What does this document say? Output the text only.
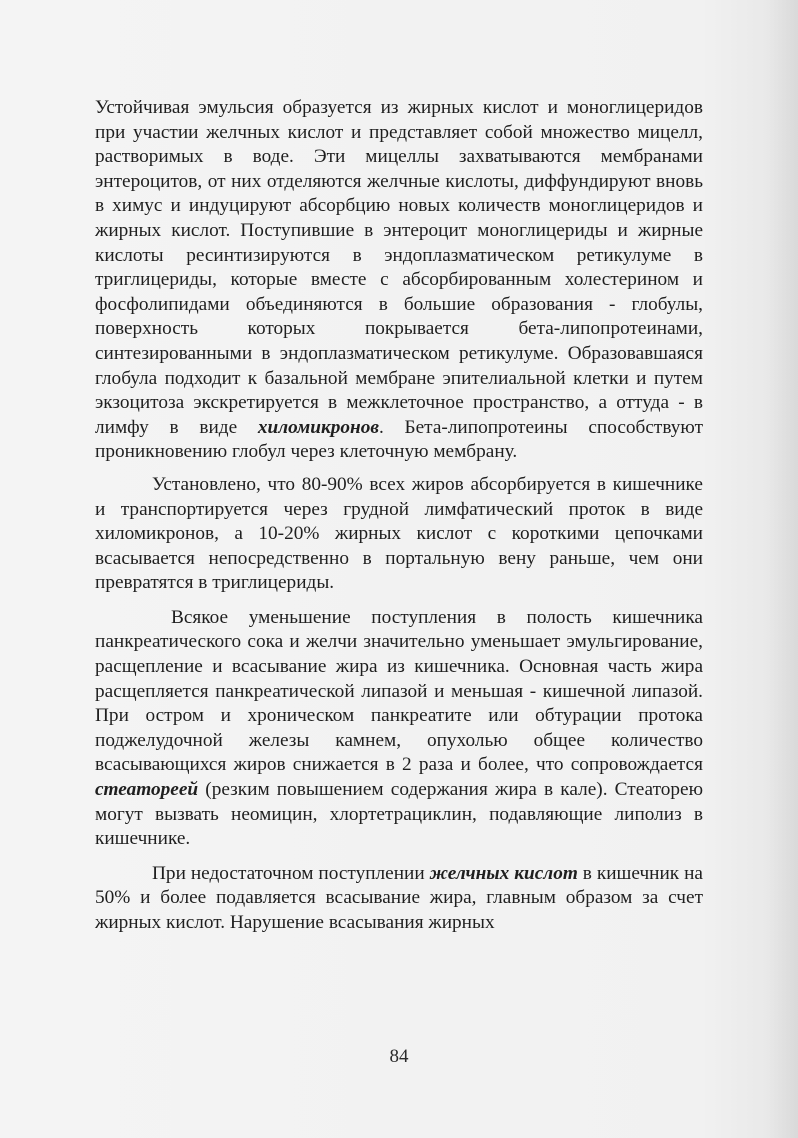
Устойчивая эмульсия образуется из жирных кислот и моноглицеридов при участии желчных кислот и представляет собой множество мицелл, растворимых в воде. Эти мицеллы захватываются мембранами энтероцитов, от них отделяются желчные кислоты, диффундируют вновь в химус и индуцируют абсорбцию новых количеств моноглицеридов и жирных кислот. Поступившие в энтероцит моноглицериды и жирные кислоты ресинтизируются в эндоплазматическом ретикулуме в триглицериды, которые вместе с абсорбированным холестерином и фосфолипидами объединяются в большие образования - глобулы, поверхность которых покрывается бета-липопротеинами, синтезированными в эндоплазматическом ретикулуме. Образовавшаяся глобула подходит к базальной мембране эпителиальной клетки и путем экзоцитоза экскретируется в межклеточное пространство, а оттуда - в лимфу в виде хиломикронов. Бета-липопротеины способствуют проникновению глобул через клеточную мембрану.

Установлено, что 80-90% всех жиров абсорбируется в кишечнике и транспортируется через грудной лимфатический проток в виде хиломикронов, а 10-20% жирных кислот с короткими цепочками всасывается непосредственно в портальную вену раньше, чем они превратятся в триглицериды.

Всякое уменьшение поступления в полость кишечника панкреатического сока и желчи значительно уменьшает эмульгирование, расщепление и всасывание жира из кишечника. Основная часть жира расщепляется панкреатической липазой и меньшая - кишечной липазой. При остром и хроническом панкреатите или обтурации протока поджелудочной железы камнем, опухолью общее количество всасывающихся жиров снижается в 2 раза и более, что сопровождается стеатореей (резким повышением содержания жира в кале). Стеаторею могут вызвать неомицин, хлортетрациклин, подавляющие липолиз в кишечнике.

При недостаточном поступлении желчных кислот в кишечник на 50% и более подавляется всасывание жира, главным образом за счет жирных кислот. Нарушение всасывания жирных

84
